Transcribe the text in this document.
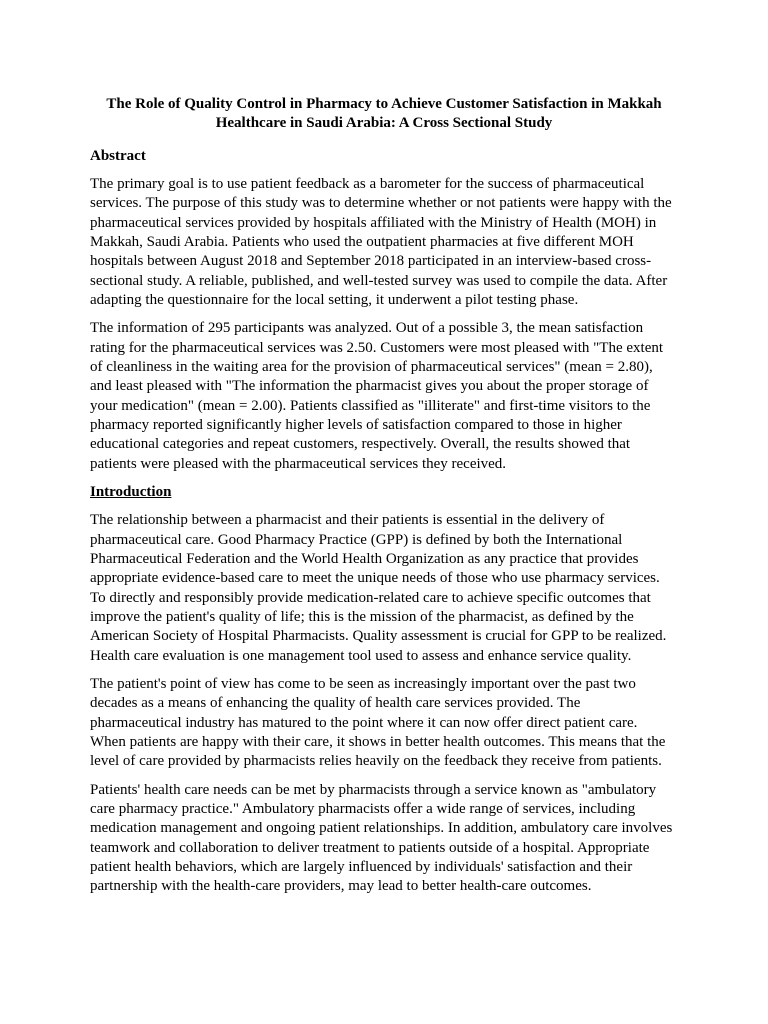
The Role of Quality Control in Pharmacy to Achieve Customer Satisfaction in Makkah
Healthcare in Saudi Arabia: A Cross Sectional Study
Abstract
The primary goal is to use patient feedback as a barometer for the success of pharmaceutical
services. The purpose of this study was to determine whether or not patients were happy with the
pharmaceutical services provided by hospitals affiliated with the Ministry of Health (MOH) in
Makkah, Saudi Arabia. Patients who used the outpatient pharmacies at five different MOH
hospitals between August 2018 and September 2018 participated in an interview-based cross-
sectional study. A reliable, published, and well-tested survey was used to compile the data. After
adapting the questionnaire for the local setting, it underwent a pilot testing phase.
The information of 295 participants was analyzed. Out of a possible 3, the mean satisfaction
rating for the pharmaceutical services was 2.50. Customers were most pleased with "The extent
of cleanliness in the waiting area for the provision of pharmaceutical services" (mean = 2.80),
and least pleased with "The information the pharmacist gives you about the proper storage of
your medication" (mean = 2.00). Patients classified as "illiterate" and first-time visitors to the
pharmacy reported significantly higher levels of satisfaction compared to those in higher
educational categories and repeat customers, respectively. Overall, the results showed that
patients were pleased with the pharmaceutical services they received.
Introduction
The relationship between a pharmacist and their patients is essential in the delivery of
pharmaceutical care. Good Pharmacy Practice (GPP) is defined by both the International
Pharmaceutical Federation and the World Health Organization as any practice that provides
appropriate evidence-based care to meet the unique needs of those who use pharmacy services.
To directly and responsibly provide medication-related care to achieve specific outcomes that
improve the patient's quality of life; this is the mission of the pharmacist, as defined by the
American Society of Hospital Pharmacists. Quality assessment is crucial for GPP to be realized.
Health care evaluation is one management tool used to assess and enhance service quality.
The patient's point of view has come to be seen as increasingly important over the past two
decades as a means of enhancing the quality of health care services provided. The
pharmaceutical industry has matured to the point where it can now offer direct patient care.
When patients are happy with their care, it shows in better health outcomes. This means that the
level of care provided by pharmacists relies heavily on the feedback they receive from patients.
Patients' health care needs can be met by pharmacists through a service known as "ambulatory
care pharmacy practice." Ambulatory pharmacists offer a wide range of services, including
medication management and ongoing patient relationships. In addition, ambulatory care involves
teamwork and collaboration to deliver treatment to patients outside of a hospital. Appropriate
patient health behaviors, which are largely influenced by individuals' satisfaction and their
partnership with the health-care providers, may lead to better health-care outcomes.
